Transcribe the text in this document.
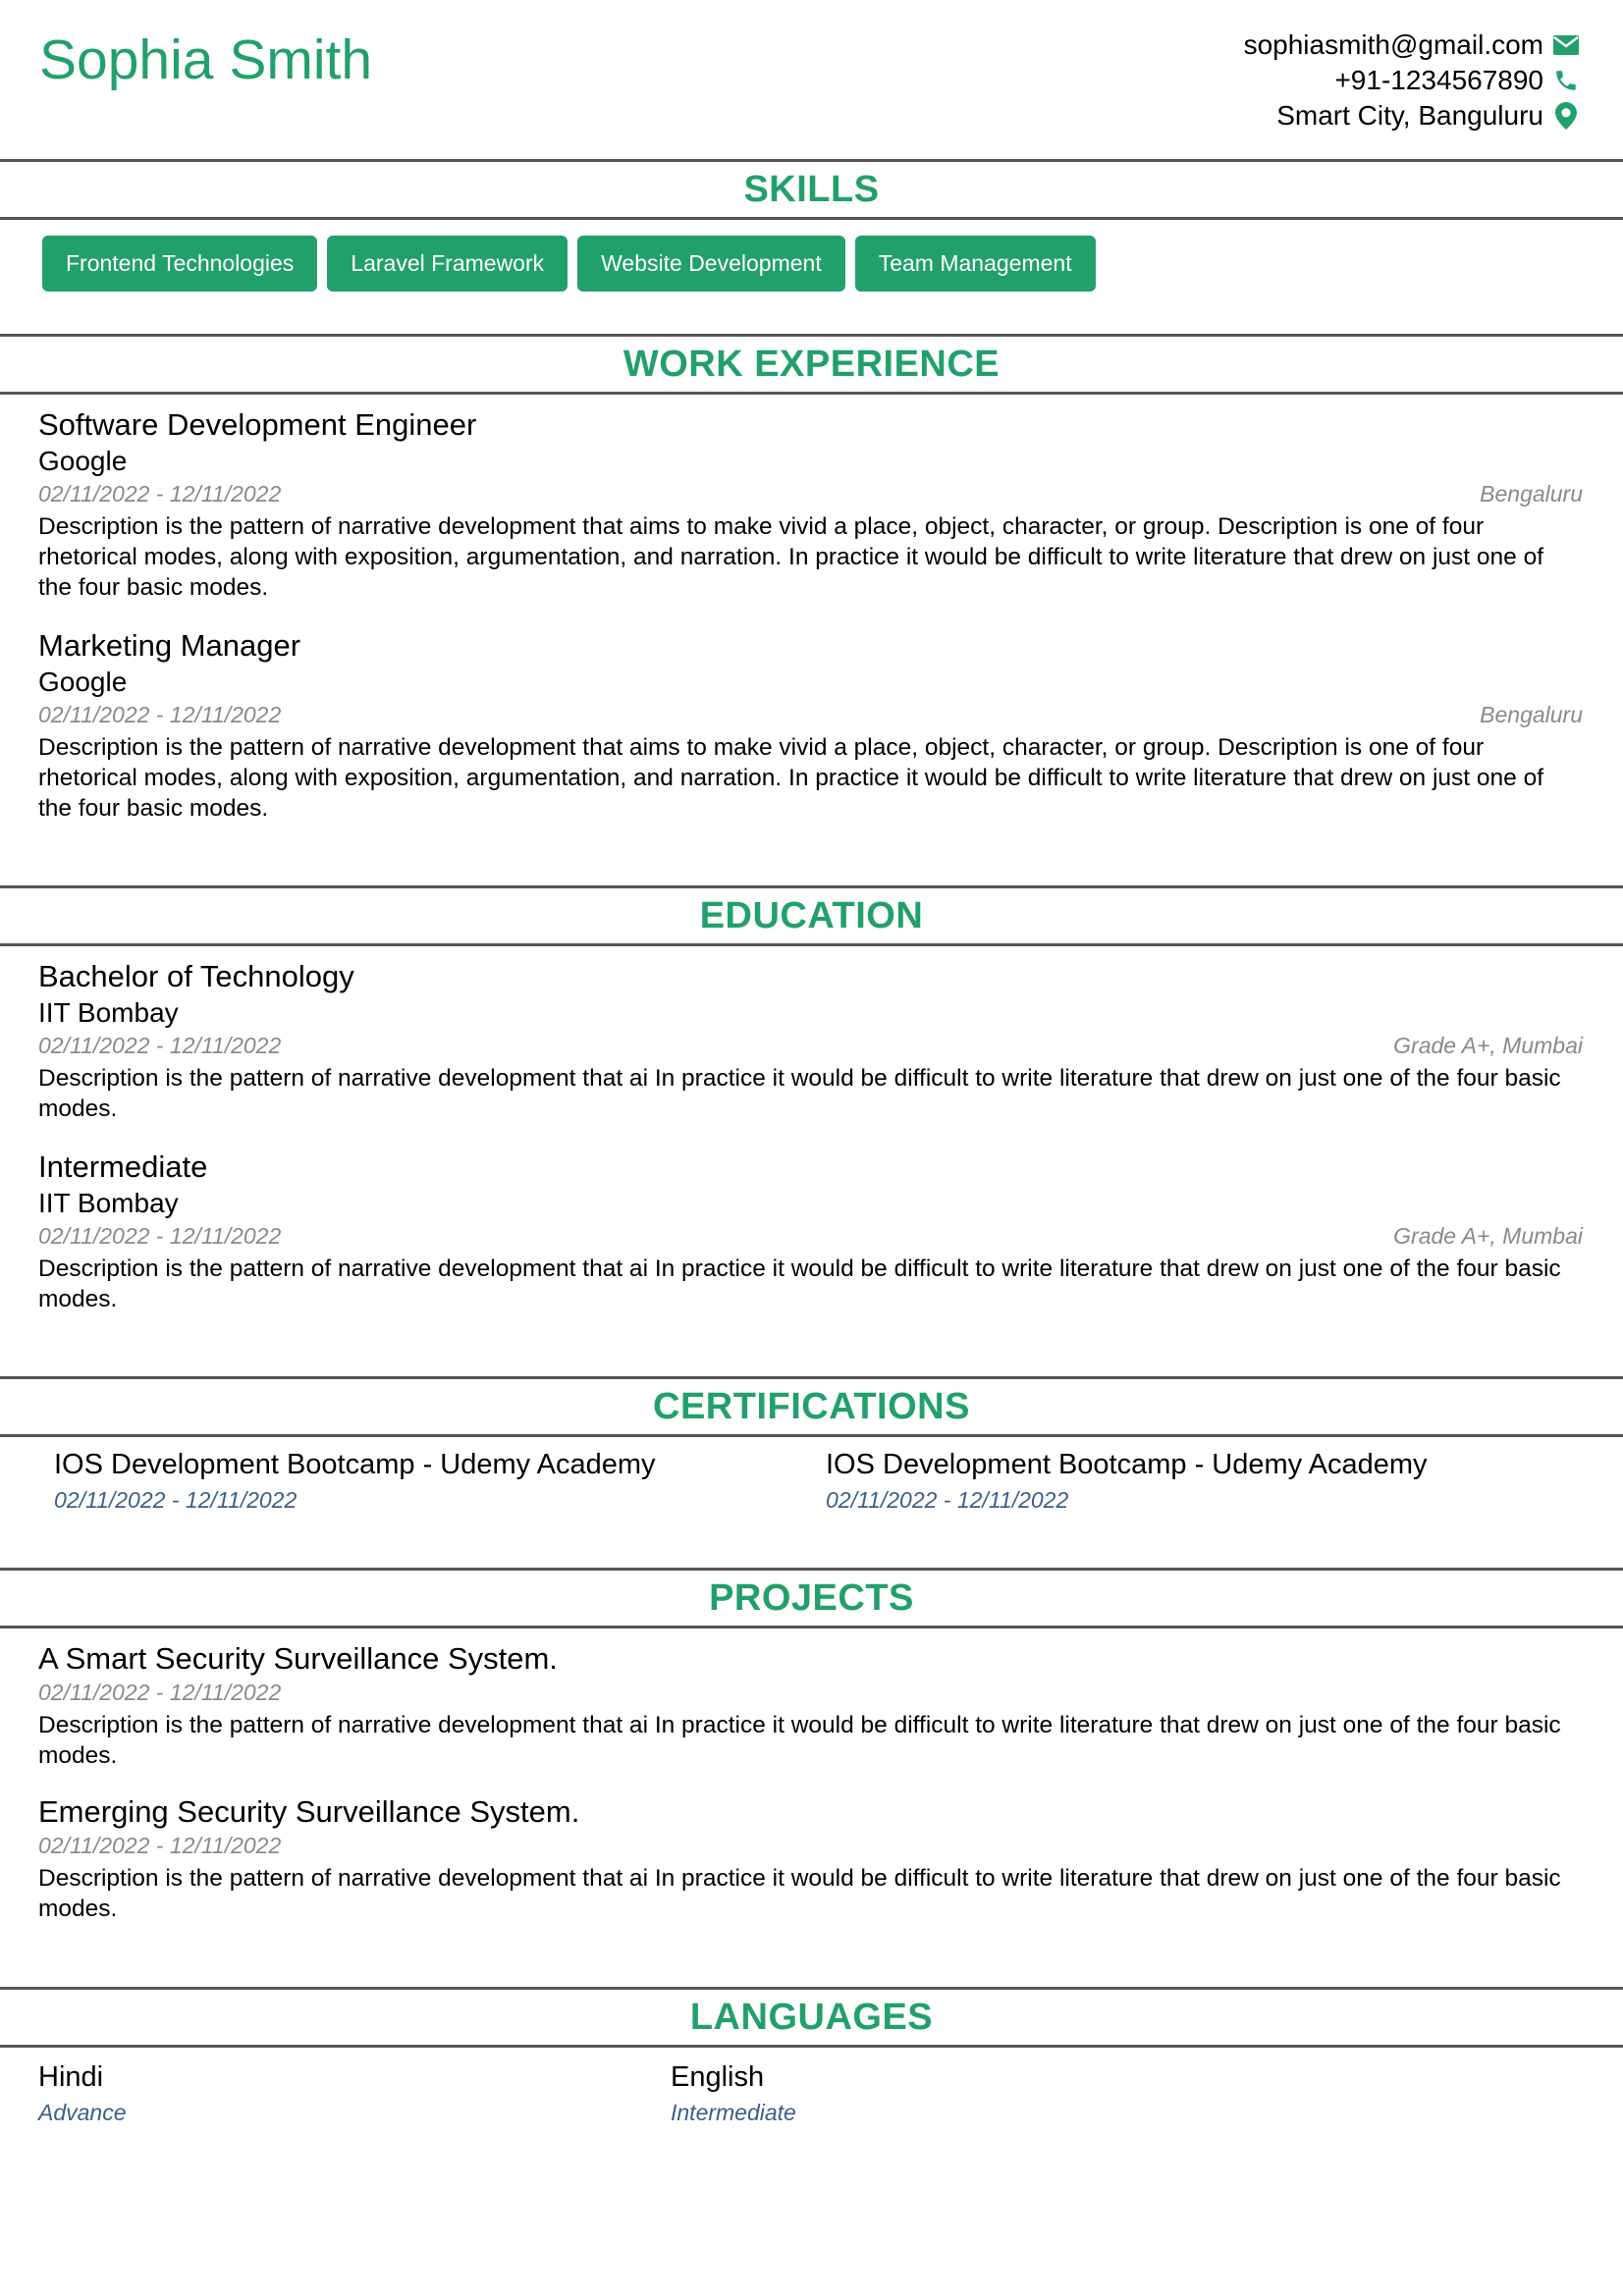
Sophia Smith	sophiasmith@gmail.com
+91-1234567890
Smart City, Banguluru
SKILLS
Frontend Technologies	Laravel Framework	Website Development	Team Management
WORK EXPERIENCE
Software Development Engineer
Google
02/11/2022 - 12/11/2022	Bengaluru
Description is the pattern of narrative development that aims to make vivid a place, object, character, or group. Description is one of four rhetorical modes, along with exposition, argumentation, and narration. In practice it would be difficult to write literature that drew on just one of the four basic modes.
Marketing Manager
Google
02/11/2022 - 12/11/2022	Bengaluru
Description is the pattern of narrative development that aims to make vivid a place, object, character, or group. Description is one of four rhetorical modes, along with exposition, argumentation, and narration. In practice it would be difficult to write literature that drew on just one of the four basic modes.
EDUCATION
Bachelor of Technology
IIT Bombay
02/11/2022 - 12/11/2022	Grade A+, Mumbai
Description is the pattern of narrative development that ai In practice it would be difficult to write literature that drew on just one of the four basic modes.
Intermediate
IIT Bombay
02/11/2022 - 12/11/2022	Grade A+, Mumbai
Description is the pattern of narrative development that ai In practice it would be difficult to write literature that drew on just one of the four basic modes.
CERTIFICATIONS
IOS Development Bootcamp - Udemy Academy
02/11/2022 - 12/11/2022
IOS Development Bootcamp - Udemy Academy
02/11/2022 - 12/11/2022
PROJECTS
A Smart Security Surveillance System.
02/11/2022 - 12/11/2022
Description is the pattern of narrative development that ai In practice it would be difficult to write literature that drew on just one of the four basic modes.
Emerging Security Surveillance System.
02/11/2022 - 12/11/2022
Description is the pattern of narrative development that ai In practice it would be difficult to write literature that drew on just one of the four basic modes.
LANGUAGES
Hindi
Advance
English
Intermediate
